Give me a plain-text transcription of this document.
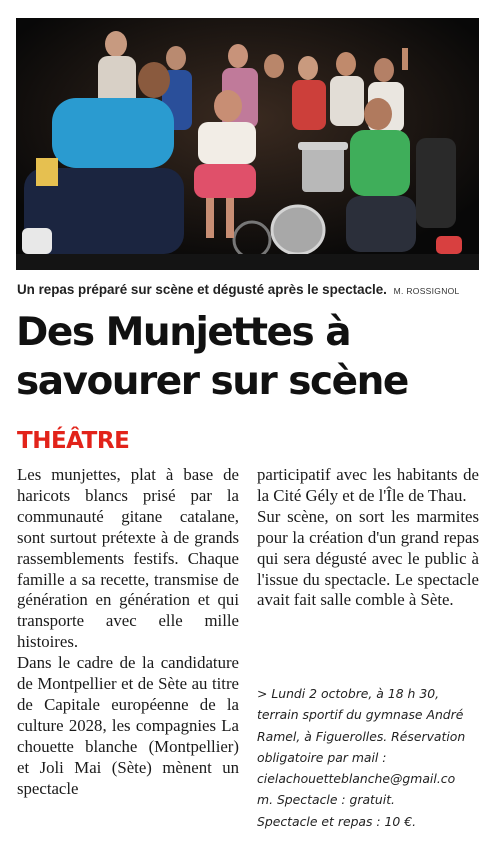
Un repas préparé sur scène et dégusté après le spectacle. M. ROSSIGNOL
Des Munjettes à
savourer sur scène
THÉÂTRE

Les munjettes, plat à base de haricots blancs prisé par la communauté gitane catalane, sont surtout prétexte à de grands rassemblements festifs. Chaque famille a sa recette, transmise de génération en génération et qui transporte avec elle mille histoires.

Dans le cadre de la candidature de Montpellier et de Sète au titre de Capitale européenne de la culture 2028, les compagnies La chouette blanche (Montpellier) et Joli Mai (Sète) mènent un spectacle

participatif avec les habitants de la Cité Gély et de l'Île de Thau.

Sur scène, on sort les marmites pour la création d'un grand repas qui sera dégusté avec le public à l'issue du spectacle. Le spectacle avait fait salle comble à Sète.

> Lundi 2 octobre, à 18 h 30,

terrain sportif du gymnase André

Ramel, à Figuerolles. Réservation

obligatoire par mail :

cielachouetteblanche@gmail.co

m. Spectacle : gratuit.

Spectacle et repas : 10 €.
